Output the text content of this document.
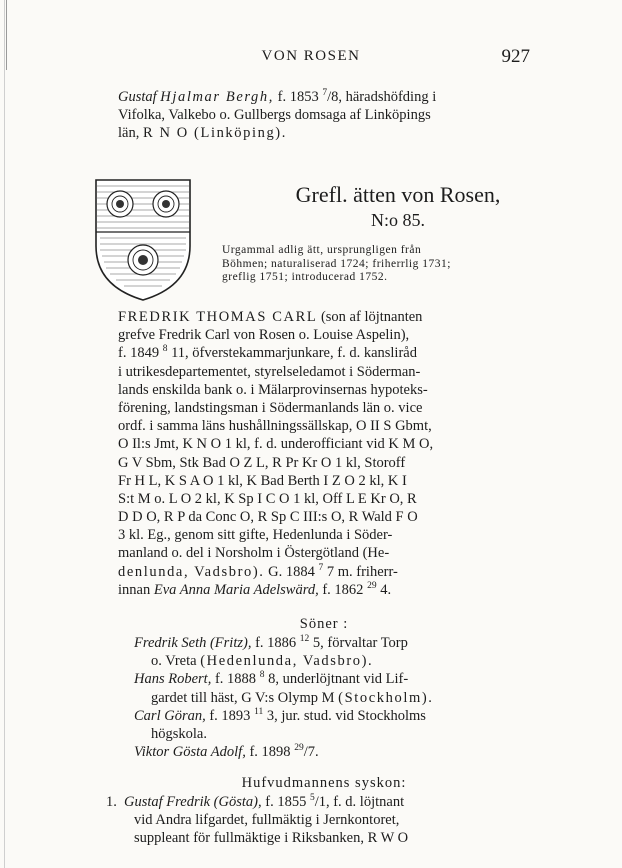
VON ROSEN	927
Gustaf Hjalmar Bergh, f. 1853 $^7$/8, häradshöfding i
Vifolka, Valkebo o. Gullbergs domsaga af Linköpings
län, R N O (Linköping).
Grefl. ätten von Rosen,
N:o 85.
Urgammal adlig ätt, ursprungligen från
Böhmen; naturaliserad 1724; friherrlig 1731;
greflig 1751; introducerad 1752.
FREDRIK THOMAS CARL (son af löjtnanten
grefve Fredrik Carl von Rosen o. Louise Aspelin),
f. 1849 $^8$ 11, öfverstekammarjunkare, f. d. kanslіråd
i utrikesdepartementet, styrelseledamot i Söderman-
lands enskilda bank o. i Mälarprovinsernas hypoteks-
förening, landstingsman i Södermanlands län o. vice
ordf. i samma läns hushållningssällskap, O II S Gbmt,
O Il:s Jmt, K N O 1 kl, f. d. underofficiant vid K M O,
G V Sbm, Stk Bad O Z L, R Pr Kr O 1 kl, Storoff
Fr H L, K S A O 1 kl, K Bad Berth I Z O 2 kl, K I
S:t M o. L O 2 kl, K Sp I C O 1 kl, Off L E Kr O, R
D D O, R P da Conc O, R Sp C III:s O, R Wald F O
3 kl. Eg., genom sitt gifte, Hedenlunda i Söder-
manland o. del i Norsholm i Östergötland (He-
denlunda, Vadsbro). G. 1884 $^7$ 7 m. friherr-
innan Eva Anna Maria Adelswärd, f. 1862 $^{29}$ 4.
Söner :
Fredrik Seth (Fritz), f. 1886 $^{12}$ 5, förvaltar Torp
o. Vreta (Hedenlunda, Vadsbro).
Hans Robert, f. 1888 $^8$ 8, underlöjtnant vid Lif-
gardet till häst, G V:s Olymp M (Stockholm).
Carl Göran, f. 1893 $^{11}$ 3, jur. stud. vid Stockholms
högskola.
Viktor Gösta Adolf, f. 1898 $^{29}$/7.
Hufvudmannens syskon:
1. Gustaf Fredrik (Gösta), f. 1855 $^5$/1, f. d. löjtnant
vid Andra lifgardet, fullmäktig i Jernkontoret,
suppleant för fullmäktige i Riksbanken, R W O
